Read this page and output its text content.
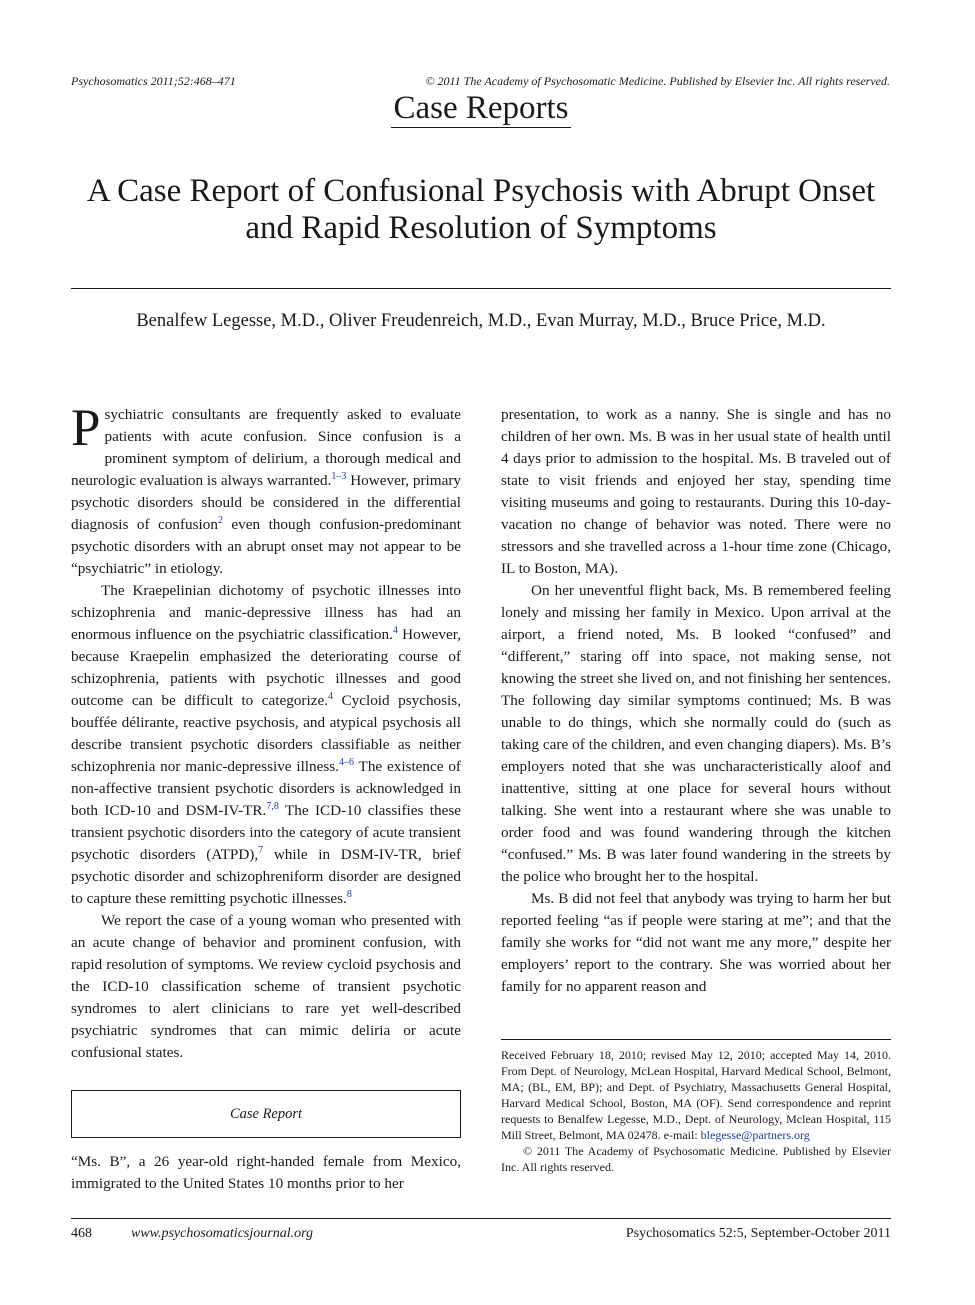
Psychosomatics 2011;52:468–471	© 2011 The Academy of Psychosomatic Medicine. Published by Elsevier Inc. All rights reserved.
Case Reports
A Case Report of Confusional Psychosis with Abrupt Onset
and Rapid Resolution of Symptoms
Benalfew Legesse, M.D., Oliver Freudenreich, M.D., Evan Murray, M.D., Bruce Price, M.D.

Psychiatric consultants are frequently asked to evaluate patients with acute confusion. Since confusion is a prominent symptom of delirium, a thorough medical and neurologic evaluation is always warranted.$^{1-3}$ However, primary psychotic disorders should be considered in the differential diagnosis of confusion$^2$ even though confusion-predominant psychotic disorders with an abrupt onset may not appear to be “psychiatric” in etiology.

The Kraepelinian dichotomy of psychotic illnesses into schizophrenia and manic-depressive illness has had an enormous influence on the psychiatric classification.$^4$ However, because Kraepelin emphasized the deteriorating course of schizophrenia, patients with psychotic illnesses and good outcome can be difficult to categorize.$^4$ Cycloid psychosis, bouffée délirante, reactive psychosis, and atypical psychosis all describe transient psychotic disorders classifiable as neither schizophrenia nor manic-depressive illness.$^{4-6}$ The existence of non-affective transient psychotic disorders is acknowledged in both ICD-10 and DSM-IV-TR.$^{7,8}$ The ICD-10 classifies these transient psychotic disorders into the category of acute transient psychotic disorders (ATPD),$^7$ while in DSM-IV-TR, brief psychotic disorder and schizophreniform disorder are designed to capture these remitting psychotic illnesses.$^8$

We report the case of a young woman who presented with an acute change of behavior and prominent confusion, with rapid resolution of symptoms. We review cycloid psychosis and the ICD-10 classification scheme of transient psychotic syndromes to alert clinicians to rare yet well-described psychiatric syndromes that can mimic deliria or acute confusional states.

Case Report

“Ms. B”, a 26 year-old right-handed female from Mexico, immigrated to the United States 10 months prior to her

presentation, to work as a nanny. She is single and has no children of her own. Ms. B was in her usual state of health until 4 days prior to admission to the hospital. Ms. B traveled out of state to visit friends and enjoyed her stay, spending time visiting museums and going to restaurants. During this 10-day-vacation no change of behavior was noted. There were no stressors and she travelled across a 1-hour time zone (Chicago, IL to Boston, MA).

On her uneventful flight back, Ms. B remembered feeling lonely and missing her family in Mexico. Upon arrival at the airport, a friend noted, Ms. B looked “confused” and “different,” staring off into space, not making sense, not knowing the street she lived on, and not finishing her sentences. The following day similar symptoms continued; Ms. B was unable to do things, which she normally could do (such as taking care of the children, and even changing diapers). Ms. B’s employers noted that she was uncharacteristically aloof and inattentive, sitting at one place for several hours without talking. She went into a restaurant where she was unable to order food and was found wandering through the kitchen “confused.” Ms. B was later found wandering in the streets by the police who brought her to the hospital.

Ms. B did not feel that anybody was trying to harm her but reported feeling “as if people were staring at me”; and that the family she works for “did not want me any more,” despite her employers’ report to the contrary. She was worried about her family for no apparent reason and

Received February 18, 2010; revised May 12, 2010; accepted May 14, 2010. From Dept. of Neurology, McLean Hospital, Harvard Medical School, Belmont, MA; (BL, EM, BP); and Dept. of Psychiatry, Massachusetts General Hospital, Harvard Medical School, Boston, MA (OF). Send correspondence and reprint requests to Benalfew Legesse, M.D., Dept. of Neurology, Mclean Hospital, 115 Mill Street, Belmont, MA 02478. e-mail: blegesse@partners.org

© 2011 The Academy of Psychosomatic Medicine. Published by Elsevier Inc. All rights reserved.

468	www.psychosomaticsjournal.org	Psychosomatics 52:5, September-October 2011
